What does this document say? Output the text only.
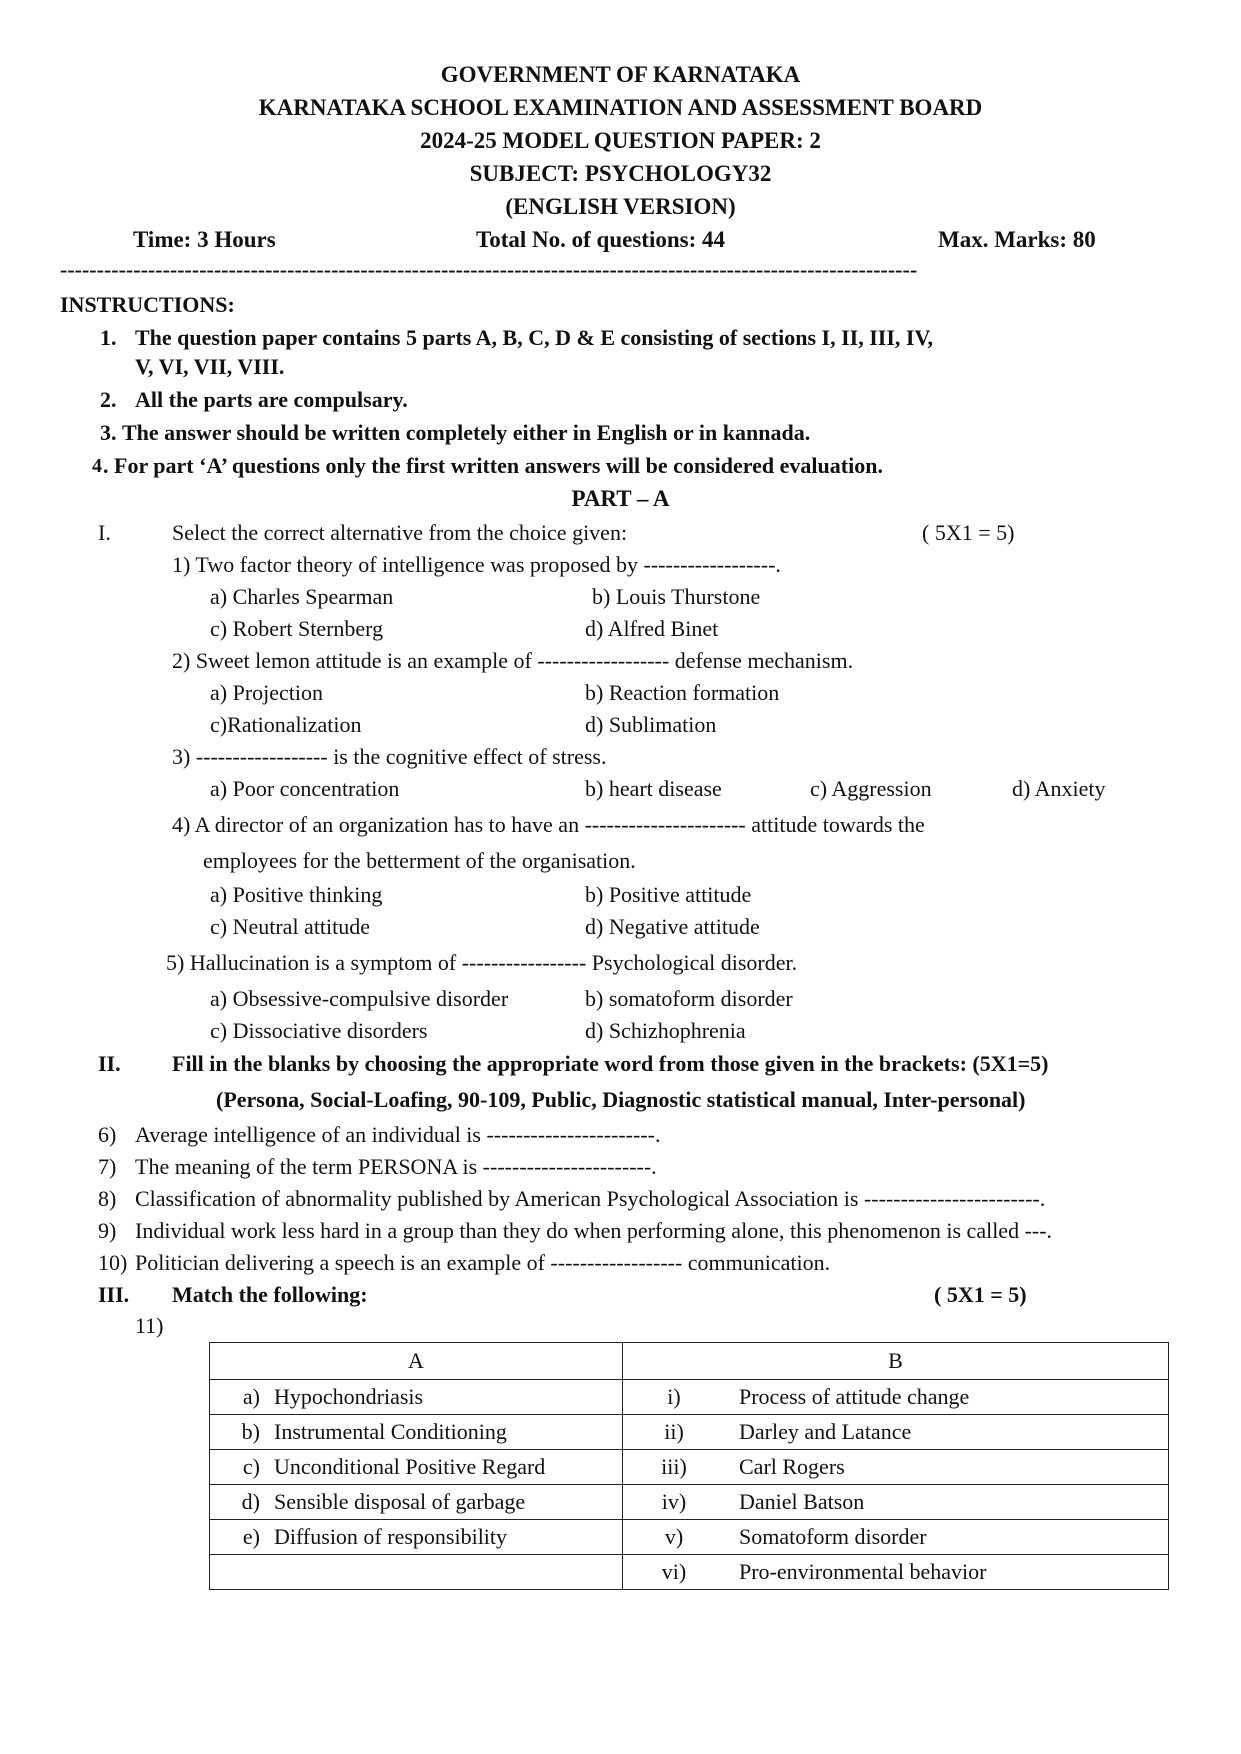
GOVERNMENT OF KARNATAKA
KARNATAKA SCHOOL EXAMINATION AND ASSESSMENT BOARD
2024-25 MODEL QUESTION PAPER: 2
SUBJECT: PSYCHOLOGY32
(ENGLISH VERSION)
Time: 3 Hours	Total No. of questions: 44	Max. Marks: 80
---------------------------------------------------------------------------------------------------------------------
INSTRUCTIONS:
1. The question paper contains 5 parts A, B, C, D & E consisting of sections I, II, III, IV,
V, VI, VII, VIII.
2. All the parts are compulsary.
3. The answer should be written completely either in English or in kannada.
4 . For part ‘A’ questions only the first written answers will be considered evaluation.
PART – A
I.	Select the correct alternative from the choice given:	( 5X1 = 5)
1) Two factor theory of intelligence was proposed by ------------------.
a) Charles Spearman	b) Louis Thurstone
c) Robert Sternberg	d) Alfred Binet
2) Sweet lemon attitude is an example of ------------------ defense mechanism.
a) Projection	b) Reaction formation
c)Rationalization	d) Sublimation
3) ------------------ is the cognitive effect of stress.
a) Poor concentration	b) heart disease	c) Aggression	d) Anxiety
4) A director of an organization has to have an ---------------------- attitude towards the
employees for the betterment of the organisation.
a) Positive thinking	b) Positive attitude
c) Neutral attitude	d) Negative attitude
5) Hallucination is a symptom of ----------------- Psychological disorder.
a) Obsessive-compulsive disorder	b) somatoform disorder
c) Dissociative disorders	d) Schizhophrenia
II. Fill in the blanks by choosing the appropriate word from those given in the brackets: (5X1=5)
(Persona, Social-Loafing, 90-109, Public, Diagnostic statistical manual, Inter-personal)
6) Average intelligence of an individual is -----------------------.
7) The meaning of the term PERSONA is -----------------------.
8) Classification of abnormality published by American Psychological Association is ------------------------.
9) Individual work less hard in a group than they do when performing alone, this phenomenon is called ---.
10) Politician delivering a speech is an example of ------------------ communication.
III. Match the following:	( 5X1 = 5)
11)
A	B

a) Hypochondriasis	i) Process of attitude change

b) Instrumental Conditioning	ii) Darley and Latance

c) Unconditional Positive Regard	iii) Carl Rogers

d) Sensible disposal of garbage	iv) Daniel Batson

e) Diffusion of responsibility	v) Somatoform disorder

	vi) Pro-environmental behavior
